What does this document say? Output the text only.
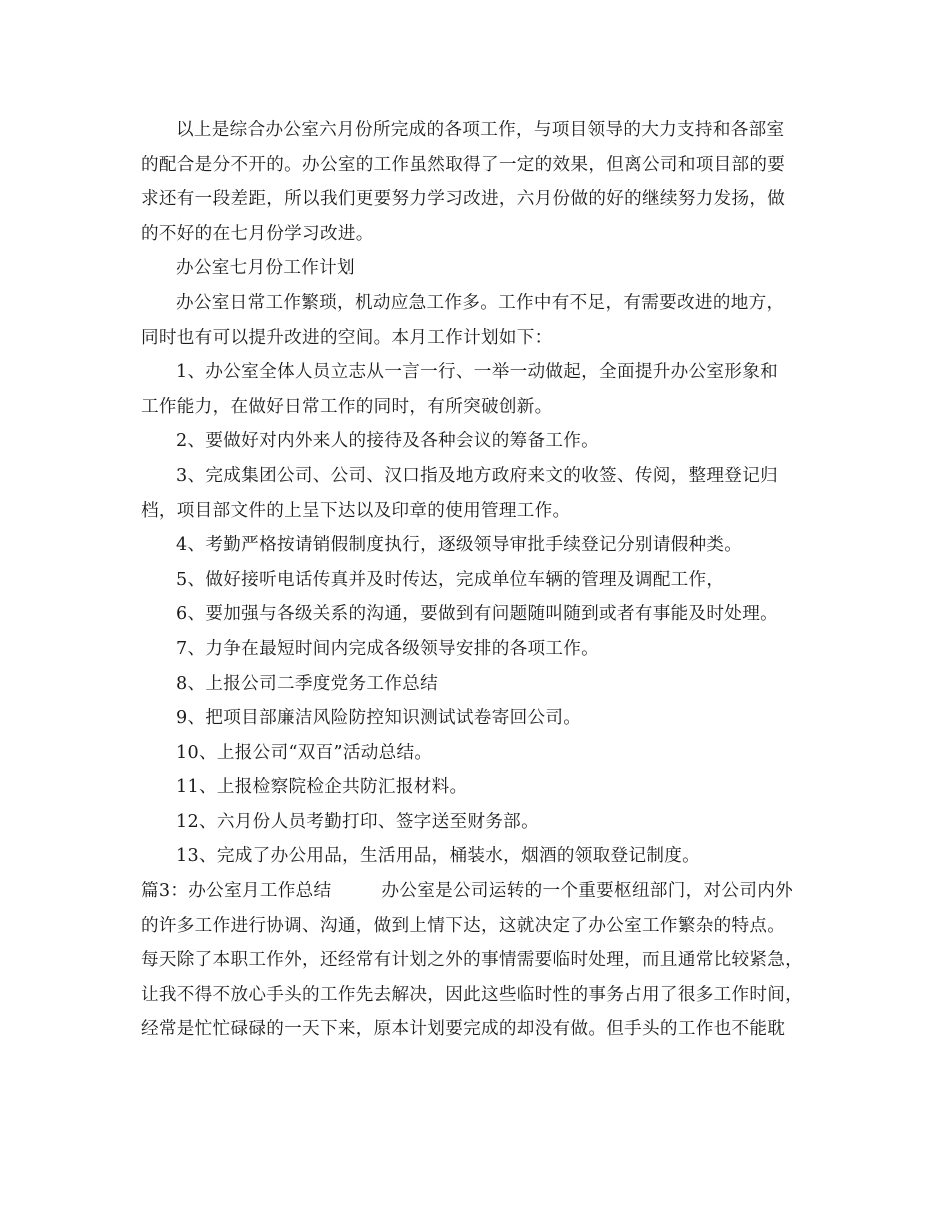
以上是综合办公室六月份所完成的各项工作，与项目领导的大力支持和各部室
的配合是分不开的。办公室的工作虽然取得了一定的效果，但离公司和项目部的要
求还有一段差距，所以我们更要努力学习改进，六月份做的好的继续努力发扬，做
的不好的在七月份学习改进。
办公室七月份工作计划
办公室日常工作繁琐，机动应急工作多。工作中有不足，有需要改进的地方，
同时也有可以提升改进的空间。本月工作计划如下：
1、办公室全体人员立志从一言一行、一举一动做起，全面提升办公室形象和
工作能力，在做好日常工作的同时，有所突破创新。
2、要做好对内外来人的接待及各种会议的筹备工作。
3、完成集团公司、公司、汉口指及地方政府来文的收签、传阅，整理登记归
档，项目部文件的上呈下达以及印章的使用管理工作。
4、考勤严格按请销假制度执行，逐级领导审批手续登记分别请假种类。
5、做好接听电话传真并及时传达，完成单位车辆的管理及调配工作，
6、要加强与各级关系的沟通，要做到有问题随叫随到或者有事能及时处理。
7、力争在最短时间内完成各级领导安排的各项工作。
8、上报公司二季度党务工作总结
9、把项目部廉洁风险防控知识测试试卷寄回公司。
10、上报公司“双百”活动总结。
11、上报检察院检企共防汇报材料。
12、六月份人员考勤打印、签字送至财务部。
13、完成了办公用品，生活用品，桶装水，烟酒的领取登记制度。
篇3：办公室月工作总结	办公室是公司运转的一个重要枢纽部门，对公司内外
的许多工作进行协调、沟通，做到上情下达，这就决定了办公室工作繁杂的特点。
每天除了本职工作外，还经常有计划之外的事情需要临时处理，而且通常比较紧急，
让我不得不放心手头的工作先去解决，因此这些临时性的事务占用了很多工作时间，
经常是忙忙碌碌的一天下来，原本计划要完成的却没有做。但手头的工作也不能耽
